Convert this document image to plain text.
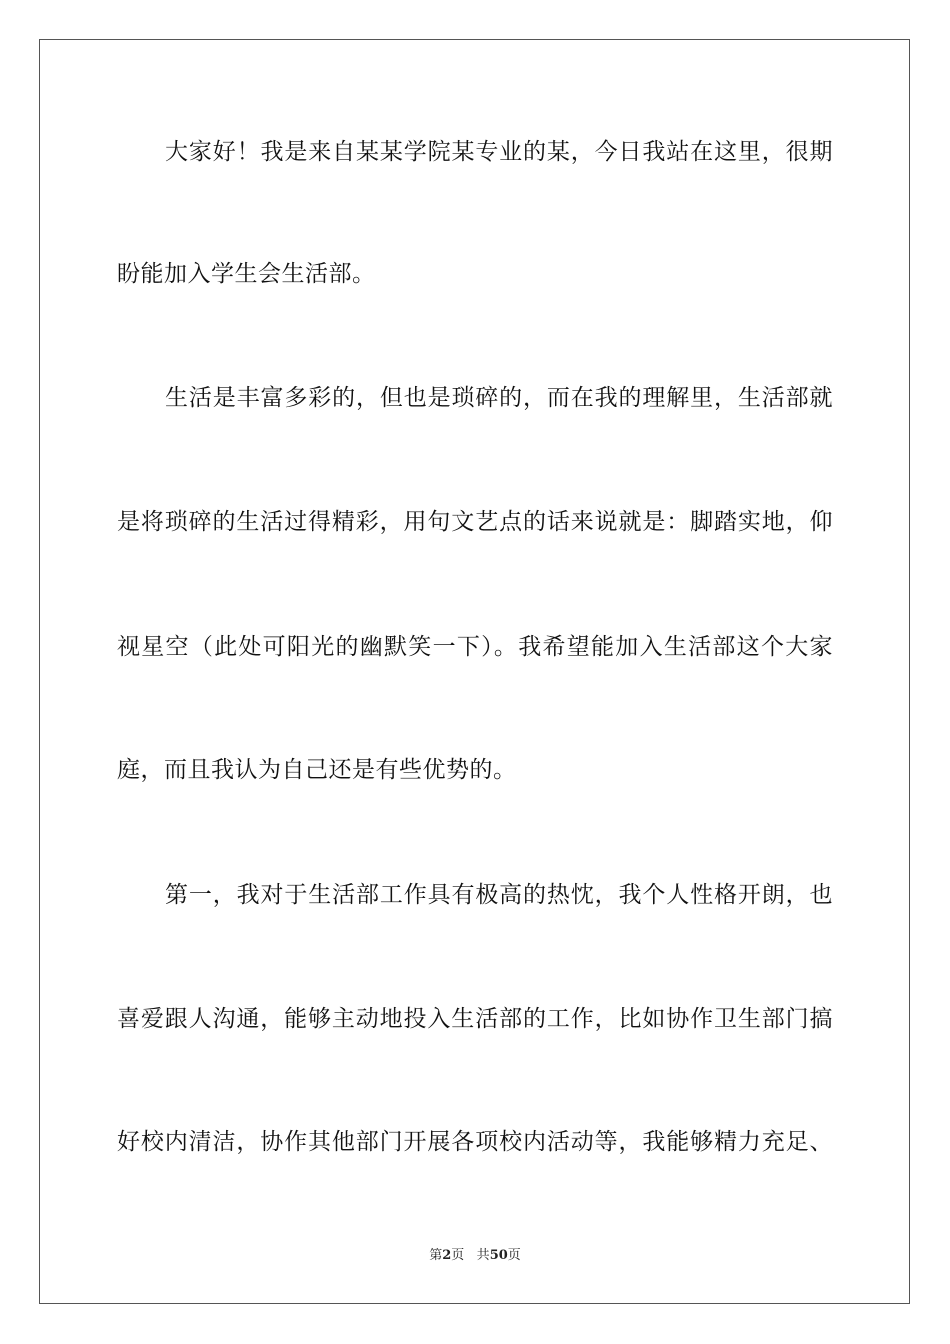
大家好！我是来自某某学院某专业的某，今日我站在这里，很期
盼能加入学生会生活部。
生活是丰富多彩的，但也是琐碎的，而在我的理解里，生活部就
是将琐碎的生活过得精彩，用句文艺点的话来说就是：脚踏实地，仰
视星空（此处可阳光的幽默笑一下）。我希望能加入生活部这个大家
庭，而且我认为自己还是有些优势的。
第一，我对于生活部工作具有极高的热忱，我个人性格开朗，也
喜爱跟人沟通，能够主动地投入生活部的工作，比如协作卫生部门搞
好校内清洁，协作其他部门开展各项校内活动等，我能够精力充足、
第2页 共50页
